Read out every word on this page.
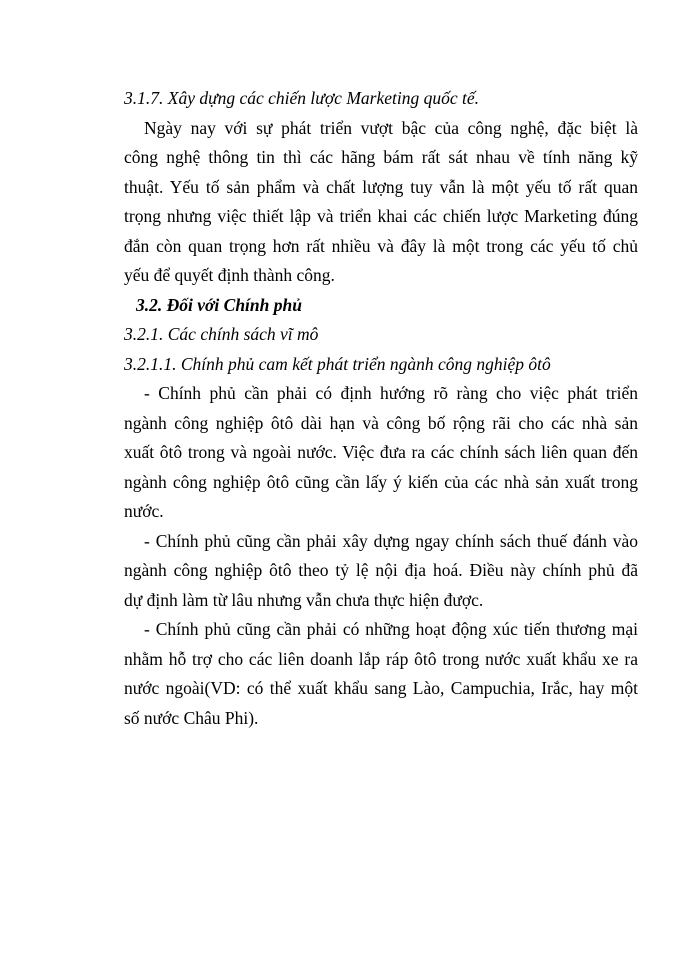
3.1.7. Xây dựng các chiến lược Marketing quốc tế.
Ngày nay với sự phát triển vượt bậc của công nghệ, đặc biệt là
công nghệ thông tin thì các hãng bám rất sát nhau về tính năng kỹ
thuật. Yếu tố sản phẩm và chất lượng tuy vẫn là một yếu tố rất quan
trọng nhưng việc thiết lập và triển khai các chiến lược Marketing đúng
đắn còn quan trọng hơn rất nhiều và đây là một trong các yếu tố chủ
yếu để quyết định thành công.
3.2. Đối với Chính phủ
3.2.1. Các chính sách vĩ mô
3.2.1.1. Chính phủ cam kết phát triển ngành công nghiệp ôtô
- Chính phủ cần phải có định hướng rõ ràng cho việc phát triển
ngành công nghiệp ôtô dài hạn và công bố rộng rãi cho các nhà sản
xuất ôtô trong và ngoài nước. Việc đưa ra các chính sách liên quan đến
ngành công nghiệp ôtô cũng cần lấy ý kiến của các nhà sản xuất trong
nước.
- Chính phủ cũng cần phải xây dựng ngay chính sách thuế đánh vào
ngành công nghiệp ôtô theo tỷ lệ nội địa hoá. Điều này chính phủ đã
dự định làm từ lâu nhưng vẫn chưa thực hiện được.
- Chính phủ cũng cần phải có những hoạt động xúc tiến thương mại
nhằm hỗ trợ cho các liên doanh lắp ráp ôtô trong nước xuất khẩu xe ra
nước ngoài(VD: có thể xuất khẩu sang Lào, Campuchia, Irắc, hay một
số nước Châu Phi).
